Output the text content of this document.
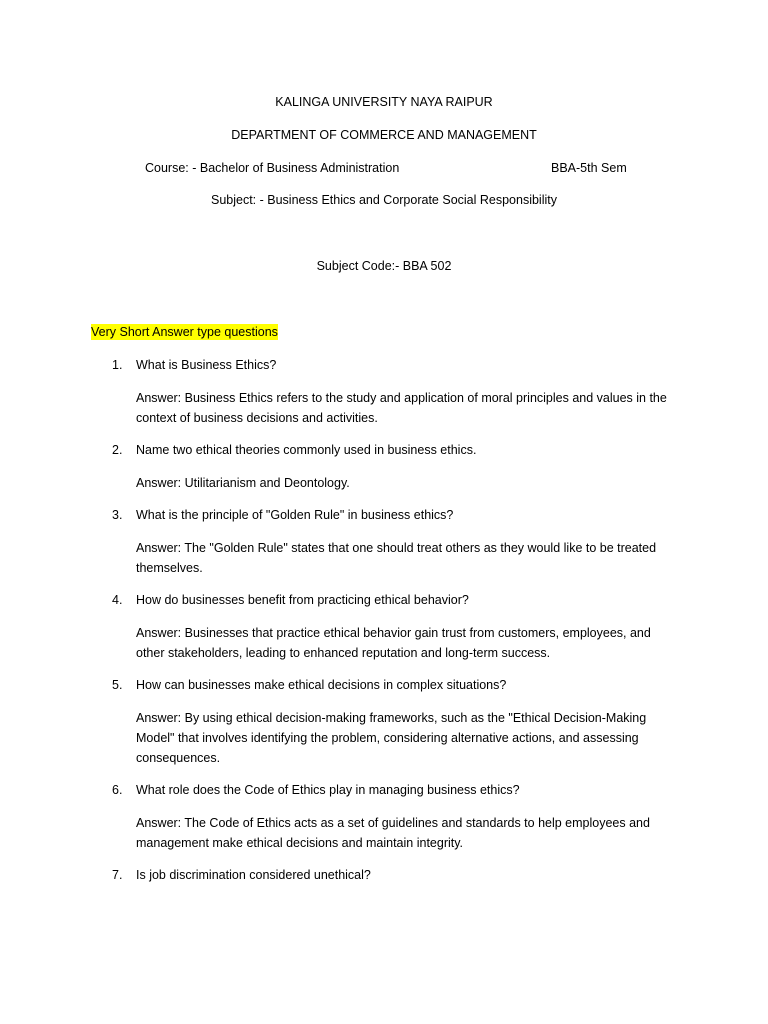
KALINGA UNIVERSITY NAYA RAIPUR
DEPARTMENT OF COMMERCE AND MANAGEMENT
Course: - Bachelor of Business Administration	BBA-5th Sem
Subject: - Business Ethics and Corporate Social Responsibility
Subject Code:- BBA 502
Very Short Answer type questions
1. What is Business Ethics?

Answer: Business Ethics refers to the study and application of moral principles and values in the context of business decisions and activities.

2. Name two ethical theories commonly used in business ethics.

Answer: Utilitarianism and Deontology.

3. What is the principle of "Golden Rule" in business ethics?

Answer: The "Golden Rule" states that one should treat others as they would like to be treated themselves.

4. How do businesses benefit from practicing ethical behavior?

Answer: Businesses that practice ethical behavior gain trust from customers, employees, and other stakeholders, leading to enhanced reputation and long-term success.

5. How can businesses make ethical decisions in complex situations?

Answer: By using ethical decision-making frameworks, such as the "Ethical Decision-Making Model" that involves identifying the problem, considering alternative actions, and assessing consequences.

6. What role does the Code of Ethics play in managing business ethics?

Answer: The Code of Ethics acts as a set of guidelines and standards to help employees and management make ethical decisions and maintain integrity.

7. Is job discrimination considered unethical?
